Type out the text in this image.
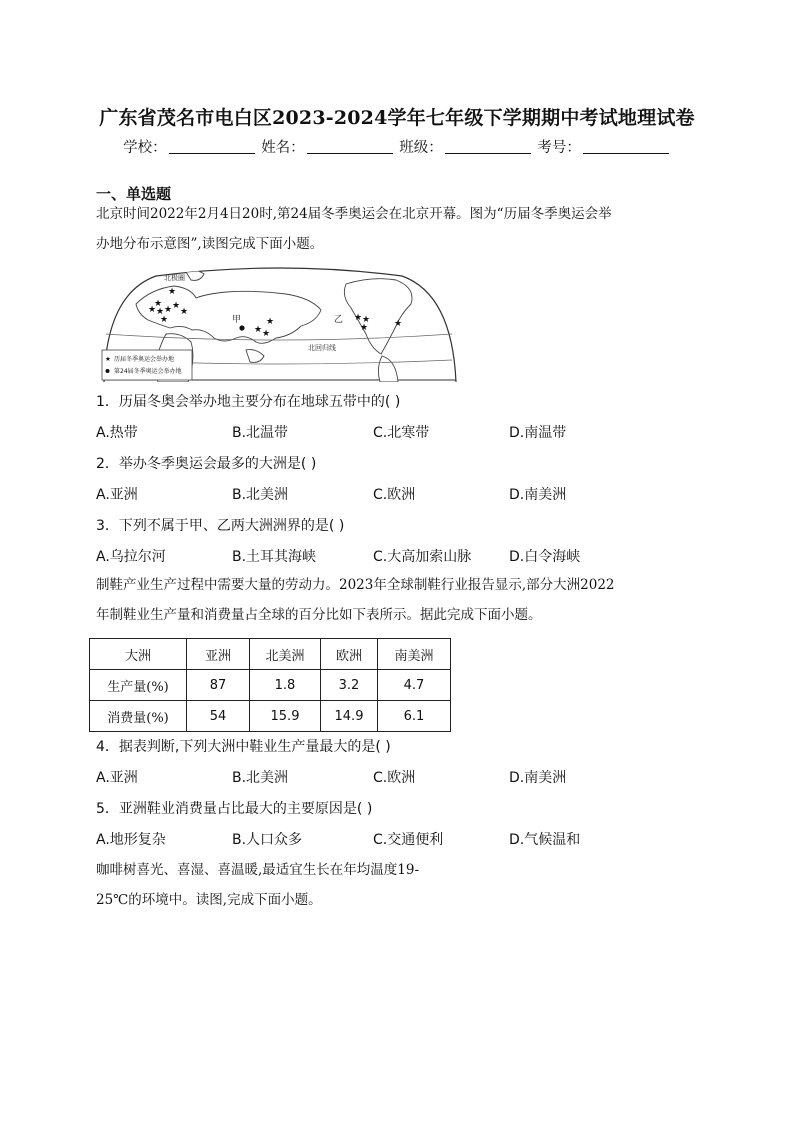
广东省茂名市电白区2023-2024学年七年级下学期期中考试地理试卷
学校：	姓名：	班级：	考号：
一、单选题
北京时间2022年2月4日20时,第24届冬季奥运会在北京开幕。图为“历届冬季奥运会举
办地分布示意图”,读图完成下面小题。
北极圈
甲	乙
北回归线
★
★
★ ★ ★ ★
★
★
★
★
★
★ ★
★	★
★ 历届冬季奥运会举办地
第24届冬季奥运会举办地
1．历届冬奥会举办地主要分布在地球五带中的( )
A.热带	B.北温带	C.北寒带	D.南温带
2．举办冬季奥运会最多的大洲是( )
A.亚洲	B.北美洲	C.欧洲	D.南美洲
3．下列不属于甲、乙两大洲洲界的是( )
A.乌拉尔河	B.土耳其海峡	C.大高加索山脉	D.白令海峡
制鞋产业生产过程中需要大量的劳动力。2023年全球制鞋行业报告显示,部分大洲2022
年制鞋业生产量和消费量占全球的百分比如下表所示。据此完成下面小题。
大洲	亚洲	北美洲	欧洲	南美洲
生产量(%)	87	1.8	3.2	4.7
消费量(%)	54	15.9	14.9	6.1
4．据表判断,下列大洲中鞋业生产量最大的是( )
A.亚洲	B.北美洲	C.欧洲	D.南美洲
5．亚洲鞋业消费量占比最大的主要原因是( )
A.地形复杂	B.人口众多	C.交通便利	D.气候温和
咖啡树喜光、喜湿、喜温暖,最适宜生长在年均温度19-
25℃的环境中。读图,完成下面小题。
